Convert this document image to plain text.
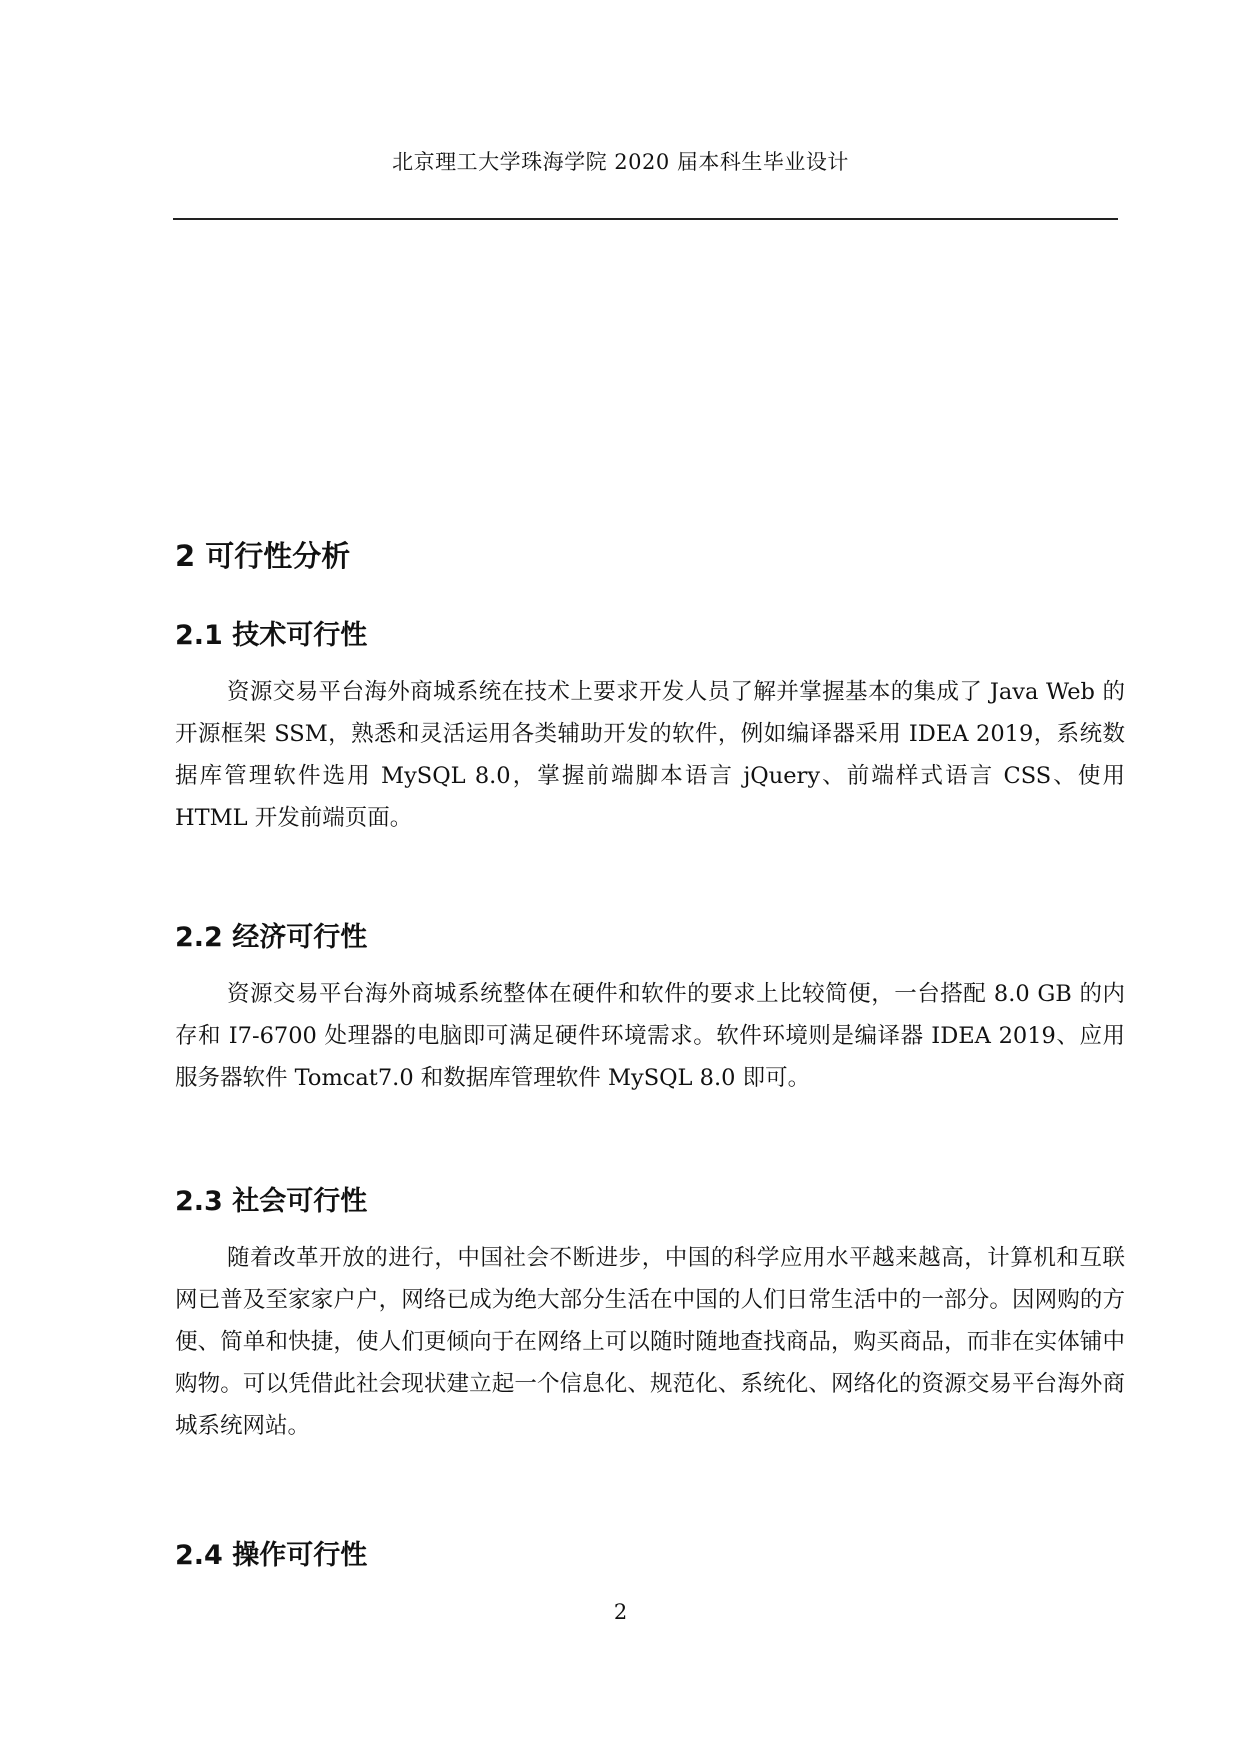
北京理工大学珠海学院 2020 届本科生毕业设计
2 可行性分析
2.1 技术可行性

资源交易平台海外商城系统在技术上要求开发人员了解并掌握基本的集成了 Java Web 的开源框架 SSM，熟悉和灵活运用各类辅助开发的软件，例如编译器采用 IDEA 2019，系统数据库管理软件选用 MySQL 8.0，掌握前端脚本语言 jQuery、前端样式语言 CSS、使用 HTML 开发前端页面。

2.2 经济可行性

资源交易平台海外商城系统整体在硬件和软件的要求上比较简便，一台搭配 8.0 GB 的内存和 I7-6700 处理器的电脑即可满足硬件环境需求。软件环境则是编译器 IDEA 2019、应用服务器软件 Tomcat7.0 和数据库管理软件 MySQL 8.0 即可。

2.3 社会可行性

随着改革开放的进行，中国社会不断进步，中国的科学应用水平越来越高，计算机和互联网已普及至家家户户，网络已成为绝大部分生活在中国的人们日常生活中的一部分。因网购的方便、简单和快捷，使人们更倾向于在网络上可以随时随地查找商品，购买商品，而非在实体铺中购物。可以凭借此社会现状建立起一个信息化、规范化、系统化、网络化的资源交易平台海外商城系统网站。

2.4 操作可行性
2
